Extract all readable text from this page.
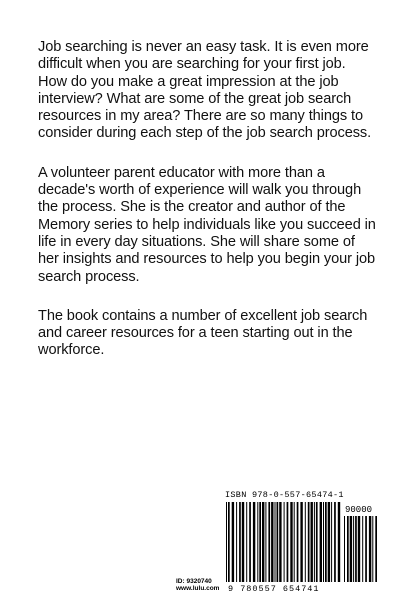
Job searching is never an easy task. It is even more difficult when you are searching for your first job. How do you make a great impression at the job interview? What are some of the great job search resources in my area? There are so many things to consider during each step of the job search process.

A volunteer parent educator with more than a decade's worth of experience will walk you through the process. She is the creator and author of the Memory series to help individuals like you succeed in life in every day situations. She will share some of her insights and resources to help you begin your job search process.

The book contains a number of excellent job search and career resources for a teen starting out in the workforce.

ID: 9320740
www.lulu.com
ISBN 978-0-557-65474-1
90000
9 780557 654741
